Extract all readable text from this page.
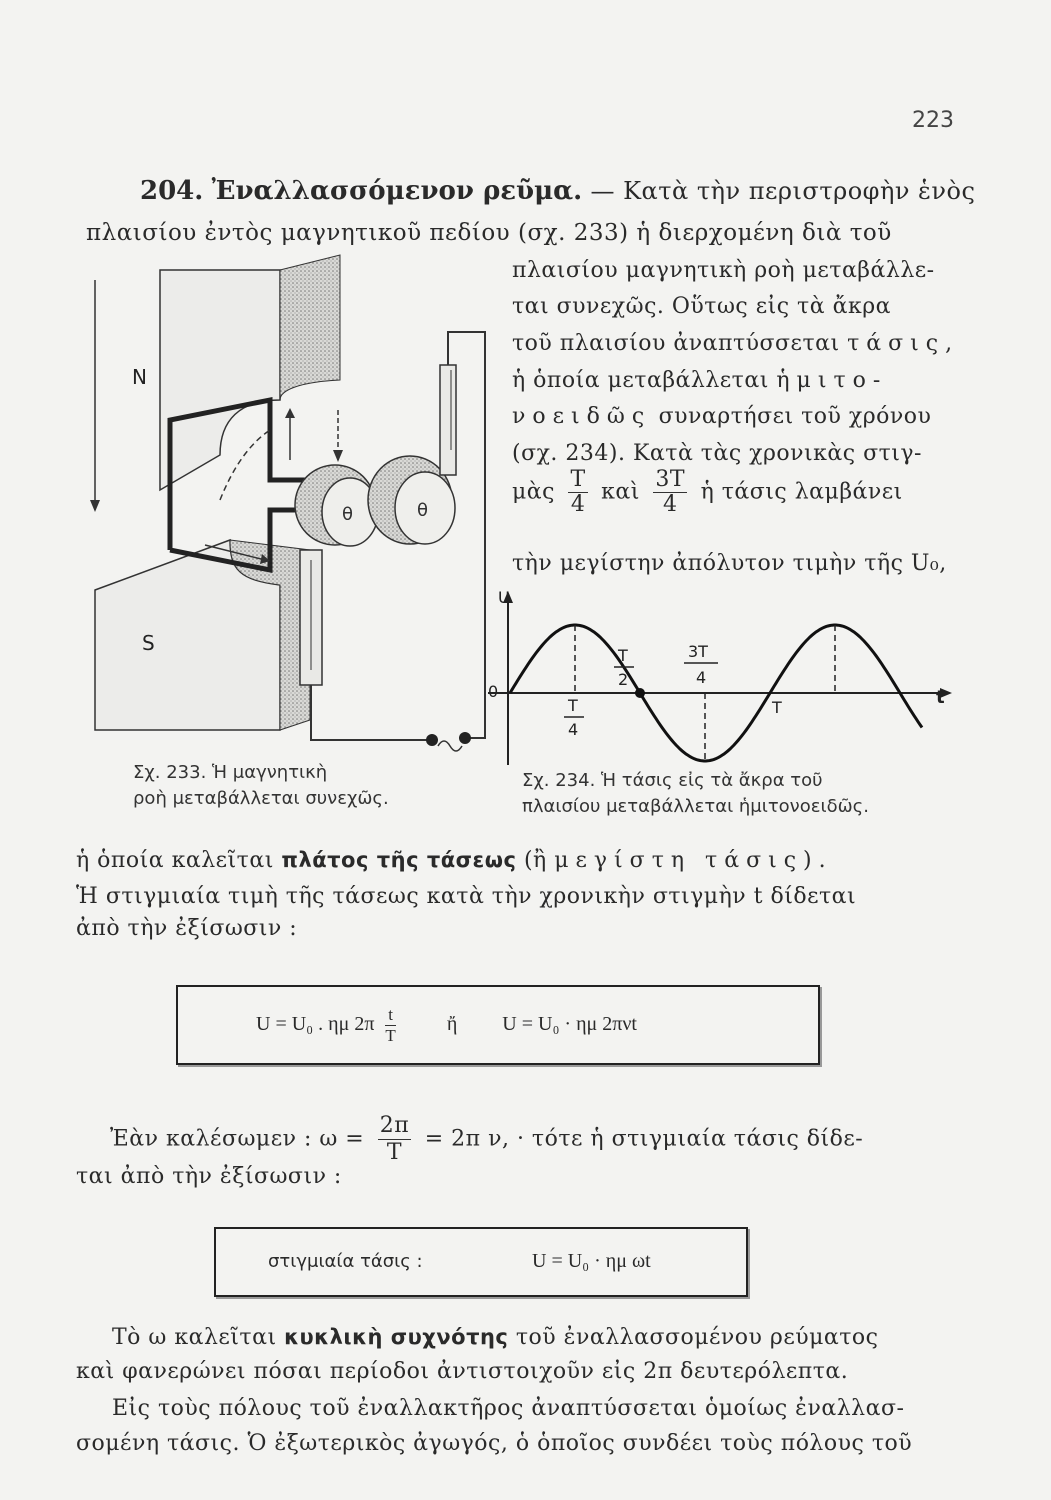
223
204. Ἐναλλασσόμενον ρεῦμα. — Κατὰ τὴν περιστροφὴν ἑνὸς
πλαισίου ἐντὸς μαγνητικοῦ πεδίου (σχ. 233) ἡ διερχομένη διὰ τοῦ
πλαισίου μαγνητικὴ ροὴ μεταβάλλε-
ται συνεχῶς. Οὕτως εἰς τὰ ἄκρα
τοῦ πλαισίου ἀναπτύσσεται τάσις,
ἡ ὁποία μεταβάλλεται ἡμιτο-
νοειδῶς συναρτήσει τοῦ χρόνου
(σχ. 234). Κατὰ τὰς χρονικὰς στιγ-
μὰς $\frac{T}{4}$ καὶ $\frac{3T}{4}$ ἡ τάσις λαμβάνει
τὴν μεγίστην ἀπόλυτον τιμὴν τῆς U₀,
N
S
θ	θ
U
t
0
T
4
T
2
3T
4
T
Σχ. 233. Ἡ μαγνητικὴ
ροὴ μεταβάλλεται συνεχῶς.
Σχ. 234. Ἡ τάσις εἰς τὰ ἄκρα τοῦ
πλαισίου μεταβάλλεται ἡμιτονοειδῶς.
ἡ ὁποία καλεῖται πλάτος τῆς τάσεως (ἢ μεγίστη τάσις).
Ἡ στιγμιαία τιμὴ τῆς τάσεως κατὰ τὴν χρονικὴν στιγμὴν t δίδεται
ἀπὸ τὴν ἐξίσωσιν :
U = U₀ . ημ $2\pi \frac{t}{T}$	ἤ U = U₀ · ημ 2πνt
Ἐὰν καλέσωμεν : $\omega = \frac{2\pi}{T} = 2\pi$ ν, · τότε ἡ στιγμιαία τάσις δίδε-
ται ἀπὸ τὴν ἐξίσωσιν :
στιγμιαία τάσις :	U = U₀ · ημ ωt
Τὸ ω καλεῖται κυκλικὴ συχνότης τοῦ ἐναλλασσομένου ρεύματος
καὶ φανερώνει πόσαι περίοδοι ἀντιστοιχοῦν εἰς 2π δευτερόλεπτα.
Εἰς τοὺς πόλους τοῦ ἐναλλακτῆρος ἀναπτύσσεται ὁμοίως ἐναλλασ-
σομένη τάσις. Ὁ ἐξωτερικὸς ἀγωγός, ὁ ὁποῖος συνδέει τοὺς πόλους τοῦ
